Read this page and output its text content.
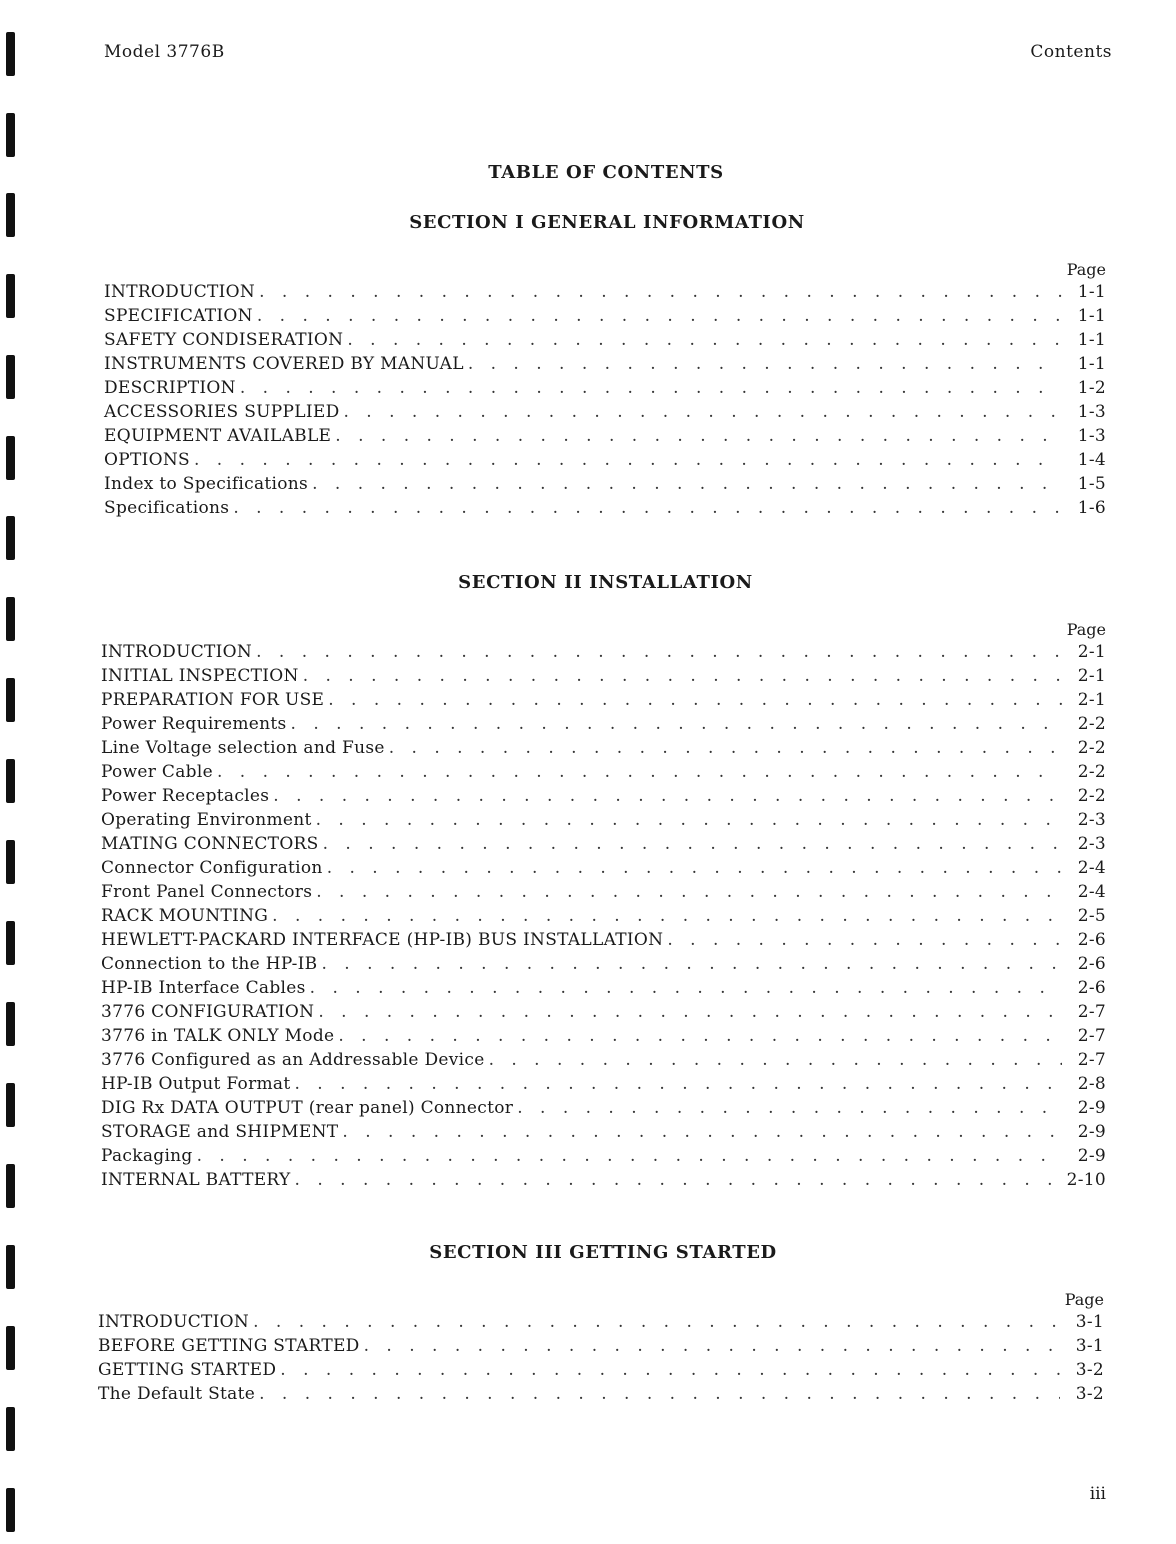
Model 3776B	Contents
TABLE OF CONTENTS
SECTION I GENERAL INFORMATION
Page
INTRODUCTION . . .	1-1
SPECIFICATION . . .	1-1
SAFETY CONDISERATION . . .	1-1
INSTRUMENTS COVERED BY MANUAL . . .	1-1
DESCRIPTION . . .	1-2
ACCESSORIES SUPPLIED . . .	1-3
EQUIPMENT AVAILABLE . . .	1-3
OPTIONS . . .	1-4
Index to Specifications . . .	1-5
Specifications . . .	1-6
SECTION II INSTALLATION
Page
INTRODUCTION . . .	2-1
INITIAL INSPECTION . . .	2-1
PREPARATION FOR USE . . .	2-1
Power Requirements . . .	2-2
Line Voltage selection and Fuse . . .	2-2
Power Cable . . .	2-2
Power Receptacles . . .	2-2
Operating Environment . . .	2-3
MATING CONNECTORS . . .	2-3
Connector Configuration . . .	2-4
Front Panel Connectors . . .	2-4
RACK MOUNTING . . .	2-5
HEWLETT-PACKARD INTERFACE (HP-IB) BUS INSTALLATION . . .	2-6
Connection to the HP-IB . . .	2-6
HP-IB Interface Cables . . .	2-6
3776 CONFIGURATION . . .	2-7
3776 in TALK ONLY Mode . . .	2-7
3776 Configured as an Addressable Device . . .	2-7
HP-IB Output Format . . .	2-8
DIG Rx DATA OUTPUT (rear panel) Connector . . .	2-9
STORAGE and SHIPMENT . . .	2-9
Packaging . . .	2-9
INTERNAL BATTERY . . .	2-10
SECTION III GETTING STARTED
Page
INTRODUCTION . . .	3-1
BEFORE GETTING STARTED . . .	3-1
GETTING STARTED . . .	3-2
The Default State . . .	3-2
iii
